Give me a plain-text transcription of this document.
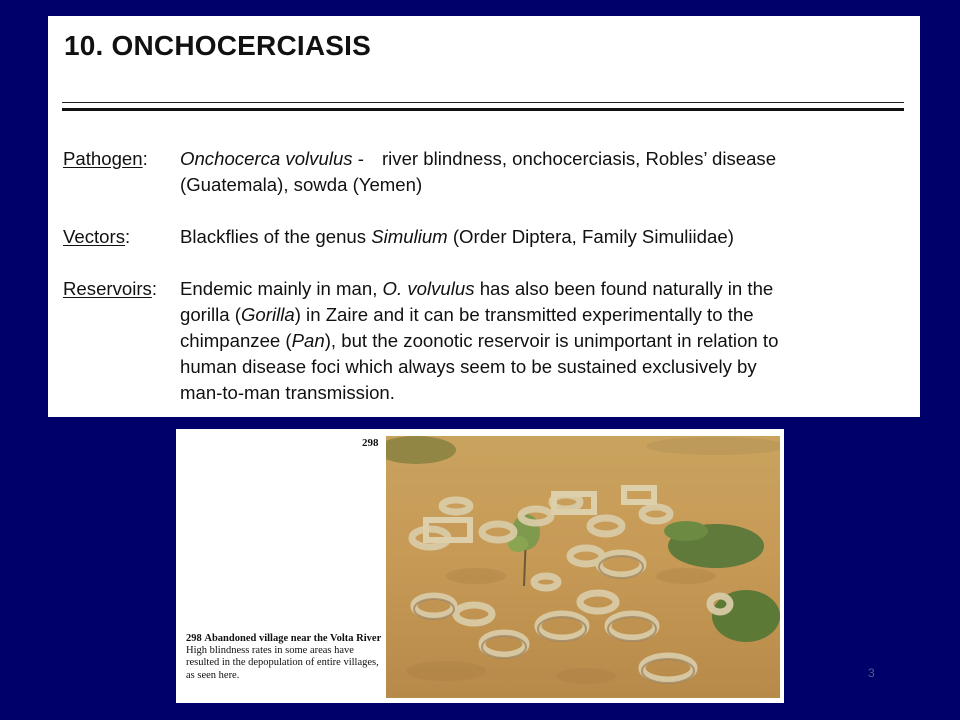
10. ONCHOCERCIASIS
Pathogen: Onchocerca volvulus - river blindness, onchocerciasis, Robles’ disease
(Guatemala), sowda (Yemen)
Vectors:	Blackflies of the genus Simulium (Order Diptera, Family Simuliidae)
Reservoirs: Endemic mainly in man, O. volvulus has also been found naturally in the
gorilla (Gorilla) in Zaire and it can be transmitted experimentally to the
chimpanzee (Pan), but the zoonotic reservoir is unimportant in relation to
human disease foci which always seem to be sustained exclusively by
man-to-man transmission.
298
298 Abandoned village near the Volta River High blindness rates in some areas have resulted in the depopulation of entire villages, as seen here.	3
